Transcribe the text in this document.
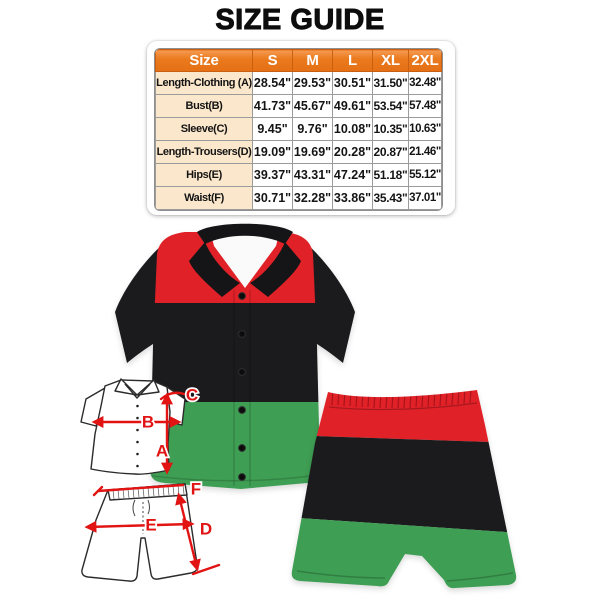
SIZE GUIDE
Size	S	M	L	XL	2XL
Length-Clothing (A)	28.54"	29.53"	30.51"	31.50"	32.48"
Bust(B)	41.73"	45.67"	49.61"	53.54"	57.48"
Sleeve(C)	9.45"	9.76"	10.08"	10.35"	10.63"
Length-Trousers(D)	19.09"	19.69"	20.28"	20.87"	21.46"
Hips(E)	39.37"	43.31"	47.24"	51.18"	55.12"
Waist(F)	30.71"	32.28"	33.86"	35.43"	37.01"
B
A
C
F
E	D
